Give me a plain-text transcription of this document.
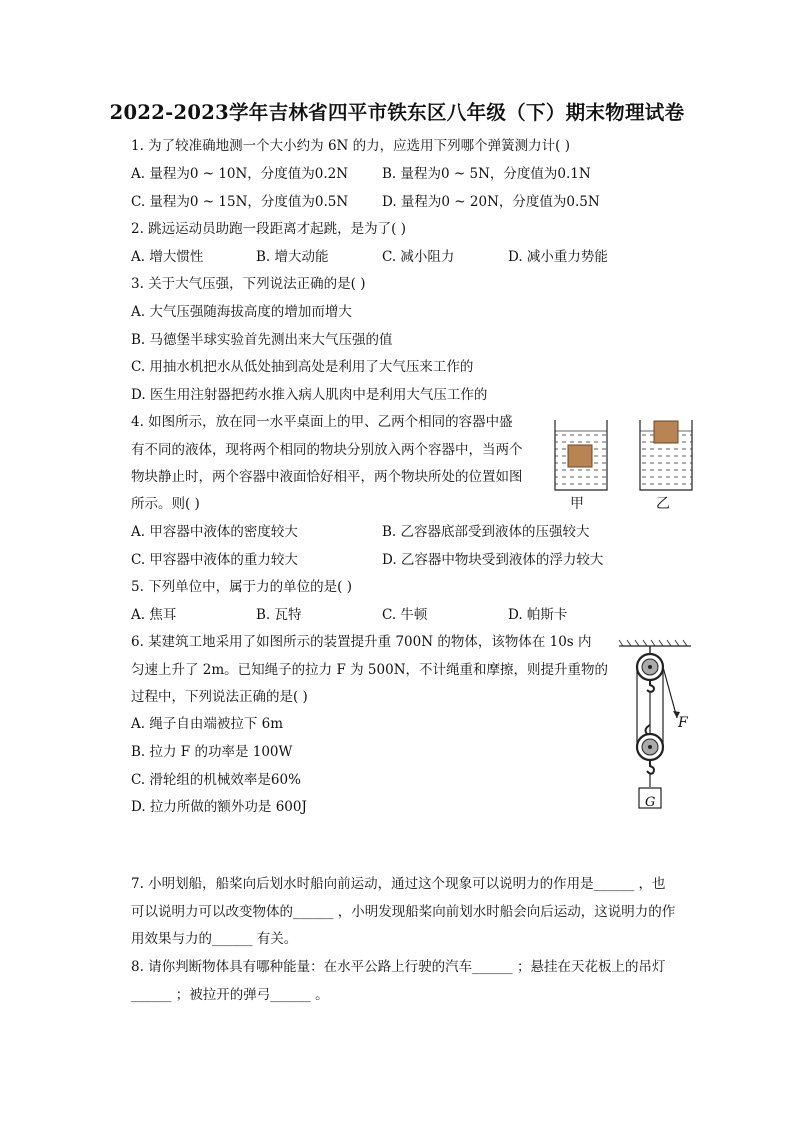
2022-2023学年吉林省四平市铁东区八年级（下）期末物理试卷
1. 为了较准确地测一个大小约为 6N 的力，应选用下列哪个弹簧测力计( )
A. 量程为0 ~ 10N，分度值为0.2N	B. 量程为0 ~ 5N，分度值为0.1N
C. 量程为0 ~ 15N，分度值为0.5N	D. 量程为0 ~ 20N，分度值为0.5N
2. 跳远运动员助跑一段距离才起跳，是为了( )
A. 增大惯性	B. 增大动能	C. 减小阻力	D. 减小重力势能
3. 关于大气压强，下列说法正确的是( )
A. 大气压强随海拔高度的增加而增大
B. 马德堡半球实验首先测出来大气压强的值
C. 用抽水机把水从低处抽到高处是利用了大气压来工作的
D. 医生用注射器把药水推入病人肌肉中是利用大气压工作的
4. 如图所示，放在同一水平桌面上的甲、乙两个相同的容器中盛
有不同的液体，现将两个相同的物块分别放入两个容器中，当两个
物块静止时，两个容器中液面恰好相平，两个物块所处的位置如图
所示。则( )	甲	乙
A. 甲容器中液体的密度较大	B. 乙容器底部受到液体的压强较大
C. 甲容器中液体的重力较大	D. 乙容器中物块受到液体的浮力较大
5. 下列单位中，属于力的单位的是( )
A. 焦耳	B. 瓦特	C. 牛顿	D. 帕斯卡
6. 某建筑工地采用了如图所示的装置提升重 700N 的物体，该物体在 10s 内
匀速上升了 2m。已知绳子的拉力 F 为 500N，不计绳重和摩擦，则提升重物的
过程中，下列说法正确的是( )
A. 绳子自由端被拉下 6m
B. 拉力 F 的功率是 100W
C. 滑轮组的机械效率是60%
D. 拉力所做的额外功是 600J
F
G
7. 小明划船，船桨向后划水时船向前运动，通过这个现象可以说明力的作用是______ ，也
可以说明力可以改变物体的______ ，小明发现船桨向前划水时船会向后运动，这说明力的作
用效果与力的______ 有关。
8. 请你判断物体具有哪种能量：在水平公路上行驶的汽车______ ；悬挂在天花板上的吊灯
______ ；被拉开的弹弓______ 。
